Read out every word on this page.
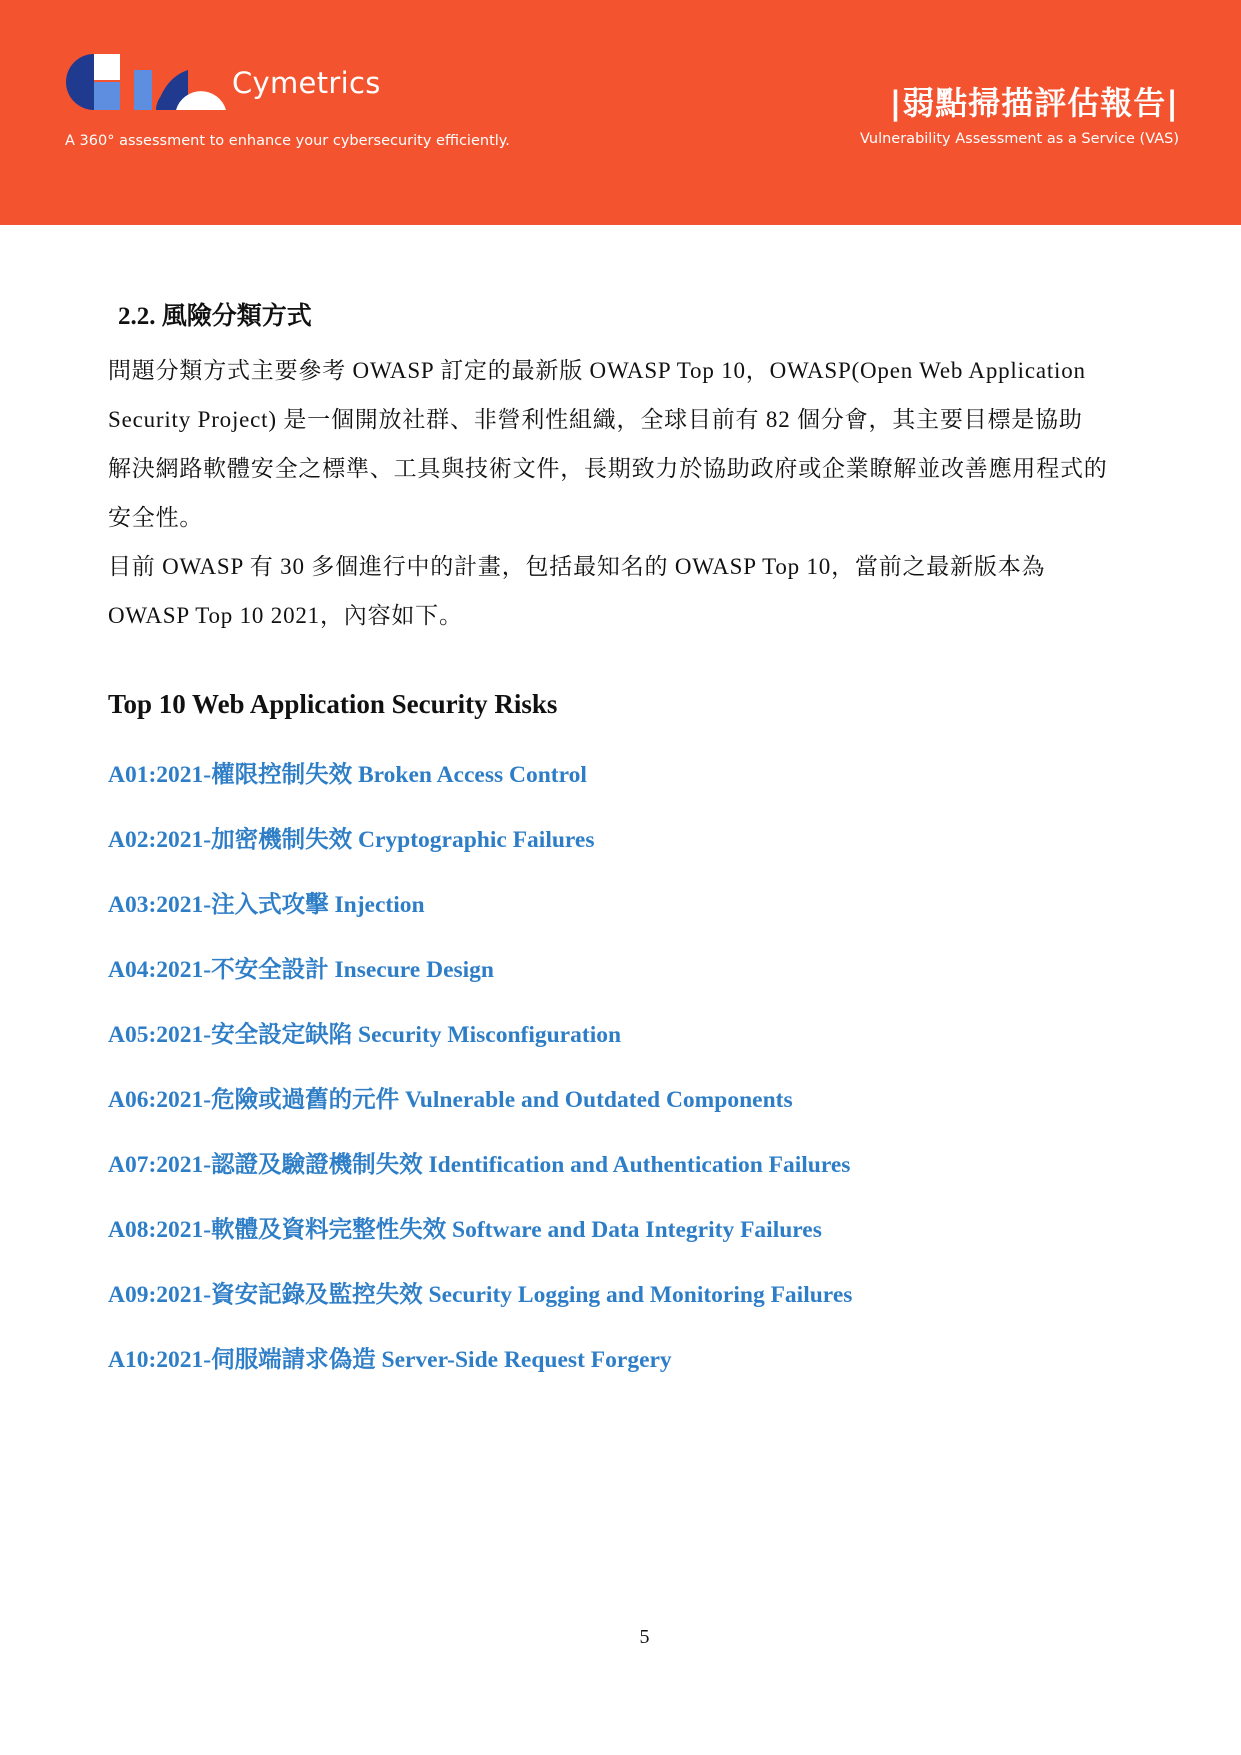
Cymetrics
A 360° assessment to enhance your cybersecurity efficiently.
|弱點掃描評估報告|
Vulnerability Assessment as a Service (VAS)
2.2. 風險分類方式
問題分類方式主要參考 OWASP 訂定的最新版 OWASP Top 10，OWASP(Open Web Application
Security Project) 是一個開放社群、非營利性組織，全球目前有 82 個分會，其主要目標是協助
解決網路軟體安全之標準、工具與技術文件，長期致力於協助政府或企業瞭解並改善應用程式的
安全性。
目前 OWASP 有 30 多個進行中的計畫，包括最知名的 OWASP Top 10，當前之最新版本為
OWASP Top 10 2021，內容如下。
Top 10 Web Application Security Risks
A01:2021-權限控制失效 Broken Access Control
A02:2021-加密機制失效 Cryptographic Failures
A03:2021-注入式攻擊 Injection
A04:2021-不安全設計 Insecure Design
A05:2021-安全設定缺陷 Security Misconfiguration
A06:2021-危險或過舊的元件 Vulnerable and Outdated Components
A07:2021-認證及驗證機制失效 Identification and Authentication Failures
A08:2021-軟體及資料完整性失效 Software and Data Integrity Failures
A09:2021-資安記錄及監控失效 Security Logging and Monitoring Failures
A10:2021-伺服端請求偽造 Server-Side Request Forgery
5
